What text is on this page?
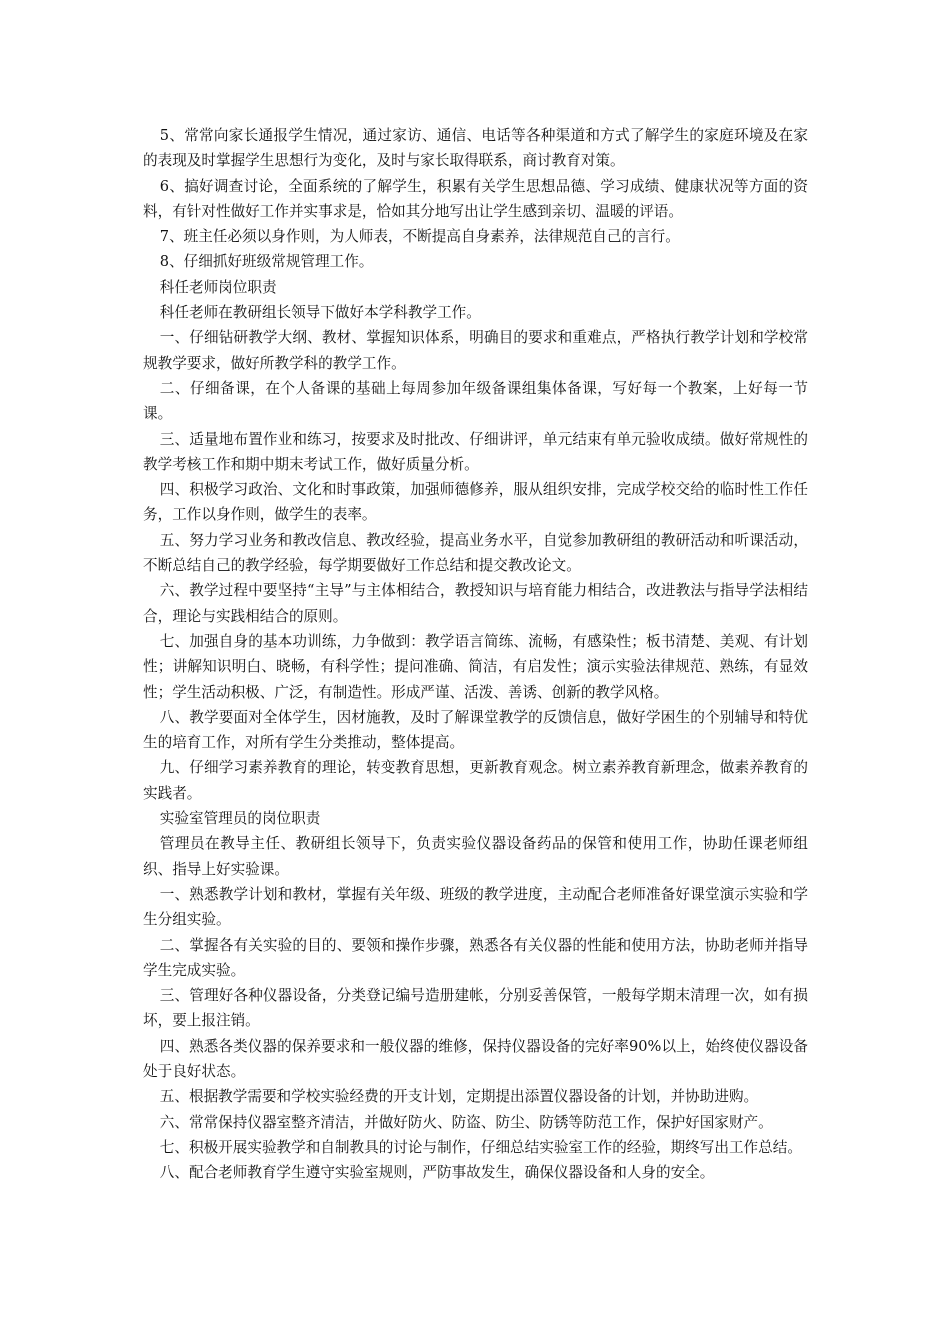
5、常常向家长通报学生情况，通过家访、通信、电话等各种渠道和方式了解学生的家庭环境及在家的表现及时掌握学生思想行为变化，及时与家长取得联系，商讨教育对策。

6、搞好调查讨论，全面系统的了解学生，积累有关学生思想品德、学习成绩、健康状况等方面的资料，有针对性做好工作并实事求是，恰如其分地写出让学生感到亲切、温暖的评语。

7、班主任必须以身作则，为人师表，不断提高自身素养，法律规范自己的言行。

8、仔细抓好班级常规管理工作。

科任老师岗位职责

科任老师在教研组长领导下做好本学科教学工作。

一、仔细钻研教学大纲、教材、掌握知识体系，明确目的要求和重难点，严格执行教学计划和学校常规教学要求，做好所教学科的教学工作。

二、仔细备课，在个人备课的基础上每周参加年级备课组集体备课，写好每一个教案，上好每一节课。

三、适量地布置作业和练习，按要求及时批改、仔细讲评，单元结束有单元验收成绩。做好常规性的教学考核工作和期中期末考试工作，做好质量分析。

四、积极学习政治、文化和时事政策，加强师德修养，服从组织安排，完成学校交给的临时性工作任务，工作以身作则，做学生的表率。

五、努力学习业务和教改信息、教改经验，提高业务水平，自觉参加教研组的教研活动和听课活动，不断总结自己的教学经验，每学期要做好工作总结和提交教改论文。

六、教学过程中要坚持“主导”与主体相结合，教授知识与培育能力相结合，改进教法与指导学法相结合，理论与实践相结合的原则。

七、加强自身的基本功训练，力争做到：教学语言简练、流畅，有感染性；板书清楚、美观、有计划性；讲解知识明白、晓畅，有科学性；提问准确、简洁，有启发性；演示实验法律规范、熟练，有显效性；学生活动积极、广泛，有制造性。形成严谨、活泼、善诱、创新的教学风格。

八、教学要面对全体学生，因材施教，及时了解课堂教学的反馈信息，做好学困生的个别辅导和特优生的培育工作，对所有学生分类推动，整体提高。

九、仔细学习素养教育的理论，转变教育思想，更新教育观念。树立素养教育新理念，做素养教育的实践者。

实验室管理员的岗位职责

管理员在教导主任、教研组长领导下，负责实验仪器设备药品的保管和使用工作，协助任课老师组织、指导上好实验课。

一、熟悉教学计划和教材，掌握有关年级、班级的教学进度，主动配合老师准备好课堂演示实验和学生分组实验。

二、掌握各有关实验的目的、要领和操作步骤，熟悉各有关仪器的性能和使用方法，协助老师并指导学生完成实验。

三、管理好各种仪器设备，分类登记编号造册建帐，分别妥善保管，一般每学期末清理一次，如有损坏，要上报注销。

四、熟悉各类仪器的保养要求和一般仪器的维修，保持仪器设备的完好率90%以上，始终使仪器设备处于良好状态。

五、根据教学需要和学校实验经费的开支计划，定期提出添置仪器设备的计划，并协助进购。

六、常常保持仪器室整齐清洁，并做好防火、防盗、防尘、防锈等防范工作，保护好国家财产。

七、积极开展实验教学和自制教具的讨论与制作，仔细总结实验室工作的经验，期终写出工作总结。

八、配合老师教育学生遵守实验室规则，严防事故发生，确保仪器设备和人身的安全。
